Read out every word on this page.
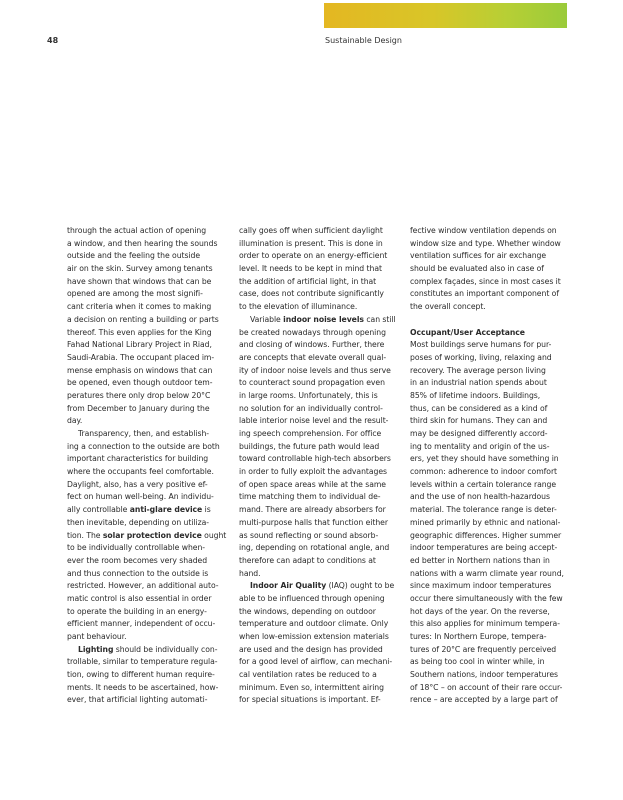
48	Sustainable Design
through the actual action of opening
a window, and then hearing the sounds
outside and the feeling the outside
air on the skin. Survey among tenants
have shown that windows that can be
opened are among the most signifi-
cant criteria when it comes to making
a decision on renting a building or parts
thereof. This even applies for the King
Fahad National Library Project in Riad,
Saudi-Arabia. The occupant placed im-
mense emphasis on windows that can
be opened, even though outdoor tem-
peratures there only drop below 20°C
from December to January during the
day.
Transparency, then, and establish-
ing a connection to the outside are both
important characteristics for building
where the occupants feel comfortable.
Daylight, also, has a very positive ef-
fect on human well-being. An individu-
ally controllable anti-glare device is
then inevitable, depending on utiliza-
tion. The solar protection device ought
to be individually controllable when-
ever the room becomes very shaded
and thus connection to the outside is
restricted. However, an additional auto-
matic control is also essential in order
to operate the building in an energy-
efficient manner, independent of occu-
pant behaviour.
Lighting should be individually con-
trollable, similar to temperature regula-
tion, owing to different human require-
ments. It needs to be ascertained, how-
ever, that artificial lighting automati-
cally goes off when sufficient daylight
illumination is present. This is done in
order to operate on an energy-efficient
level. It needs to be kept in mind that
the addition of artificial light, in that
case, does not contribute significantly
to the elevation of illuminance.
Variable indoor noise levels can still
be created nowadays through opening
and closing of windows. Further, there
are concepts that elevate overall qual-
ity of indoor noise levels and thus serve
to counteract sound propagation even
in large rooms. Unfortunately, this is
no solution for an individually control-
lable interior noise level and the result-
ing speech comprehension. For office
buildings, the future path would lead
toward controllable high-tech absorbers
in order to fully exploit the advantages
of open space areas while at the same
time matching them to individual de-
mand. There are already absorbers for
multi-purpose halls that function either
as sound reflecting or sound absorb-
ing, depending on rotational angle, and
therefore can adapt to conditions at
hand.
Indoor Air Quality (IAQ) ought to be
able to be influenced through opening
the windows, depending on outdoor
temperature and outdoor climate. Only
when low-emission extension materials
are used and the design has provided
for a good level of airflow, can mechani-
cal ventilation rates be reduced to a
minimum. Even so, intermittent airing
for special situations is important. Ef-
fective window ventilation depends on
window size and type. Whether window
ventilation suffices for air exchange
should be evaluated also in case of
complex façades, since in most cases it
constitutes an important component of
the overall concept.
Occupant/User Acceptance
Most buildings serve humans for pur-
poses of working, living, relaxing and
recovery. The average person living
in an industrial nation spends about
85% of lifetime indoors. Buildings,
thus, can be considered as a kind of
third skin for humans. They can and
may be designed differently accord-
ing to mentality and origin of the us-
ers, yet they should have something in
common: adherence to indoor comfort
levels within a certain tolerance range
and the use of non health-hazardous
material. The tolerance range is deter-
mined primarily by ethnic and national-
geographic differences. Higher summer
indoor temperatures are being accept-
ed better in Northern nations than in
nations with a warm climate year round,
since maximum indoor temperatures
occur there simultaneously with the few
hot days of the year. On the reverse,
this also applies for minimum tempera-
tures: In Northern Europe, tempera-
tures of 20°C are frequently perceived
as being too cool in winter while, in
Southern nations, indoor temperatures
of 18°C – on account of their rare occur-
rence – are accepted by a large part of
